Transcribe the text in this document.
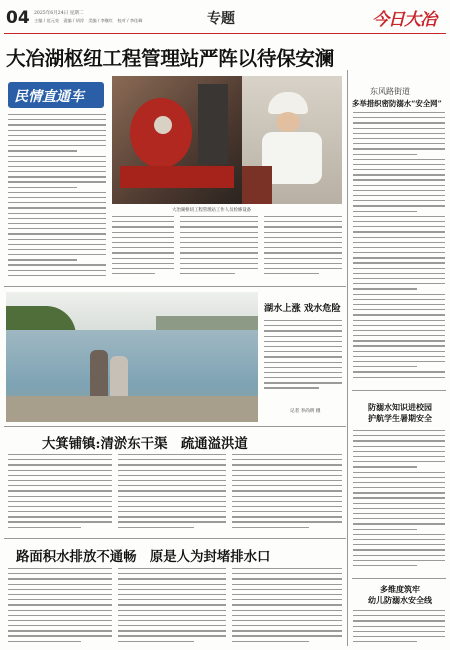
04 2025年6月24日 星期二
主编 / 范元亮　责编 / 胡淳　美编 / 李继红　校对 / 李佳峰	专题	今日大冶
大冶湖枢纽工程管理站严阵以待保安澜
民情直通车
大冶湖枢纽工程管理站工作人员检修设备
东风路街道
多举措织密防溺水“安全网”
防溺水知识进校园
护航学生暑期安全
多维度筑牢
幼儿防溺水安全线
湖水上涨 戏水危险
记者 李尚明 摄
大箕铺镇:清淤东干渠　疏通溢洪道
路面积水排放不通畅　原是人为封堵排水口
